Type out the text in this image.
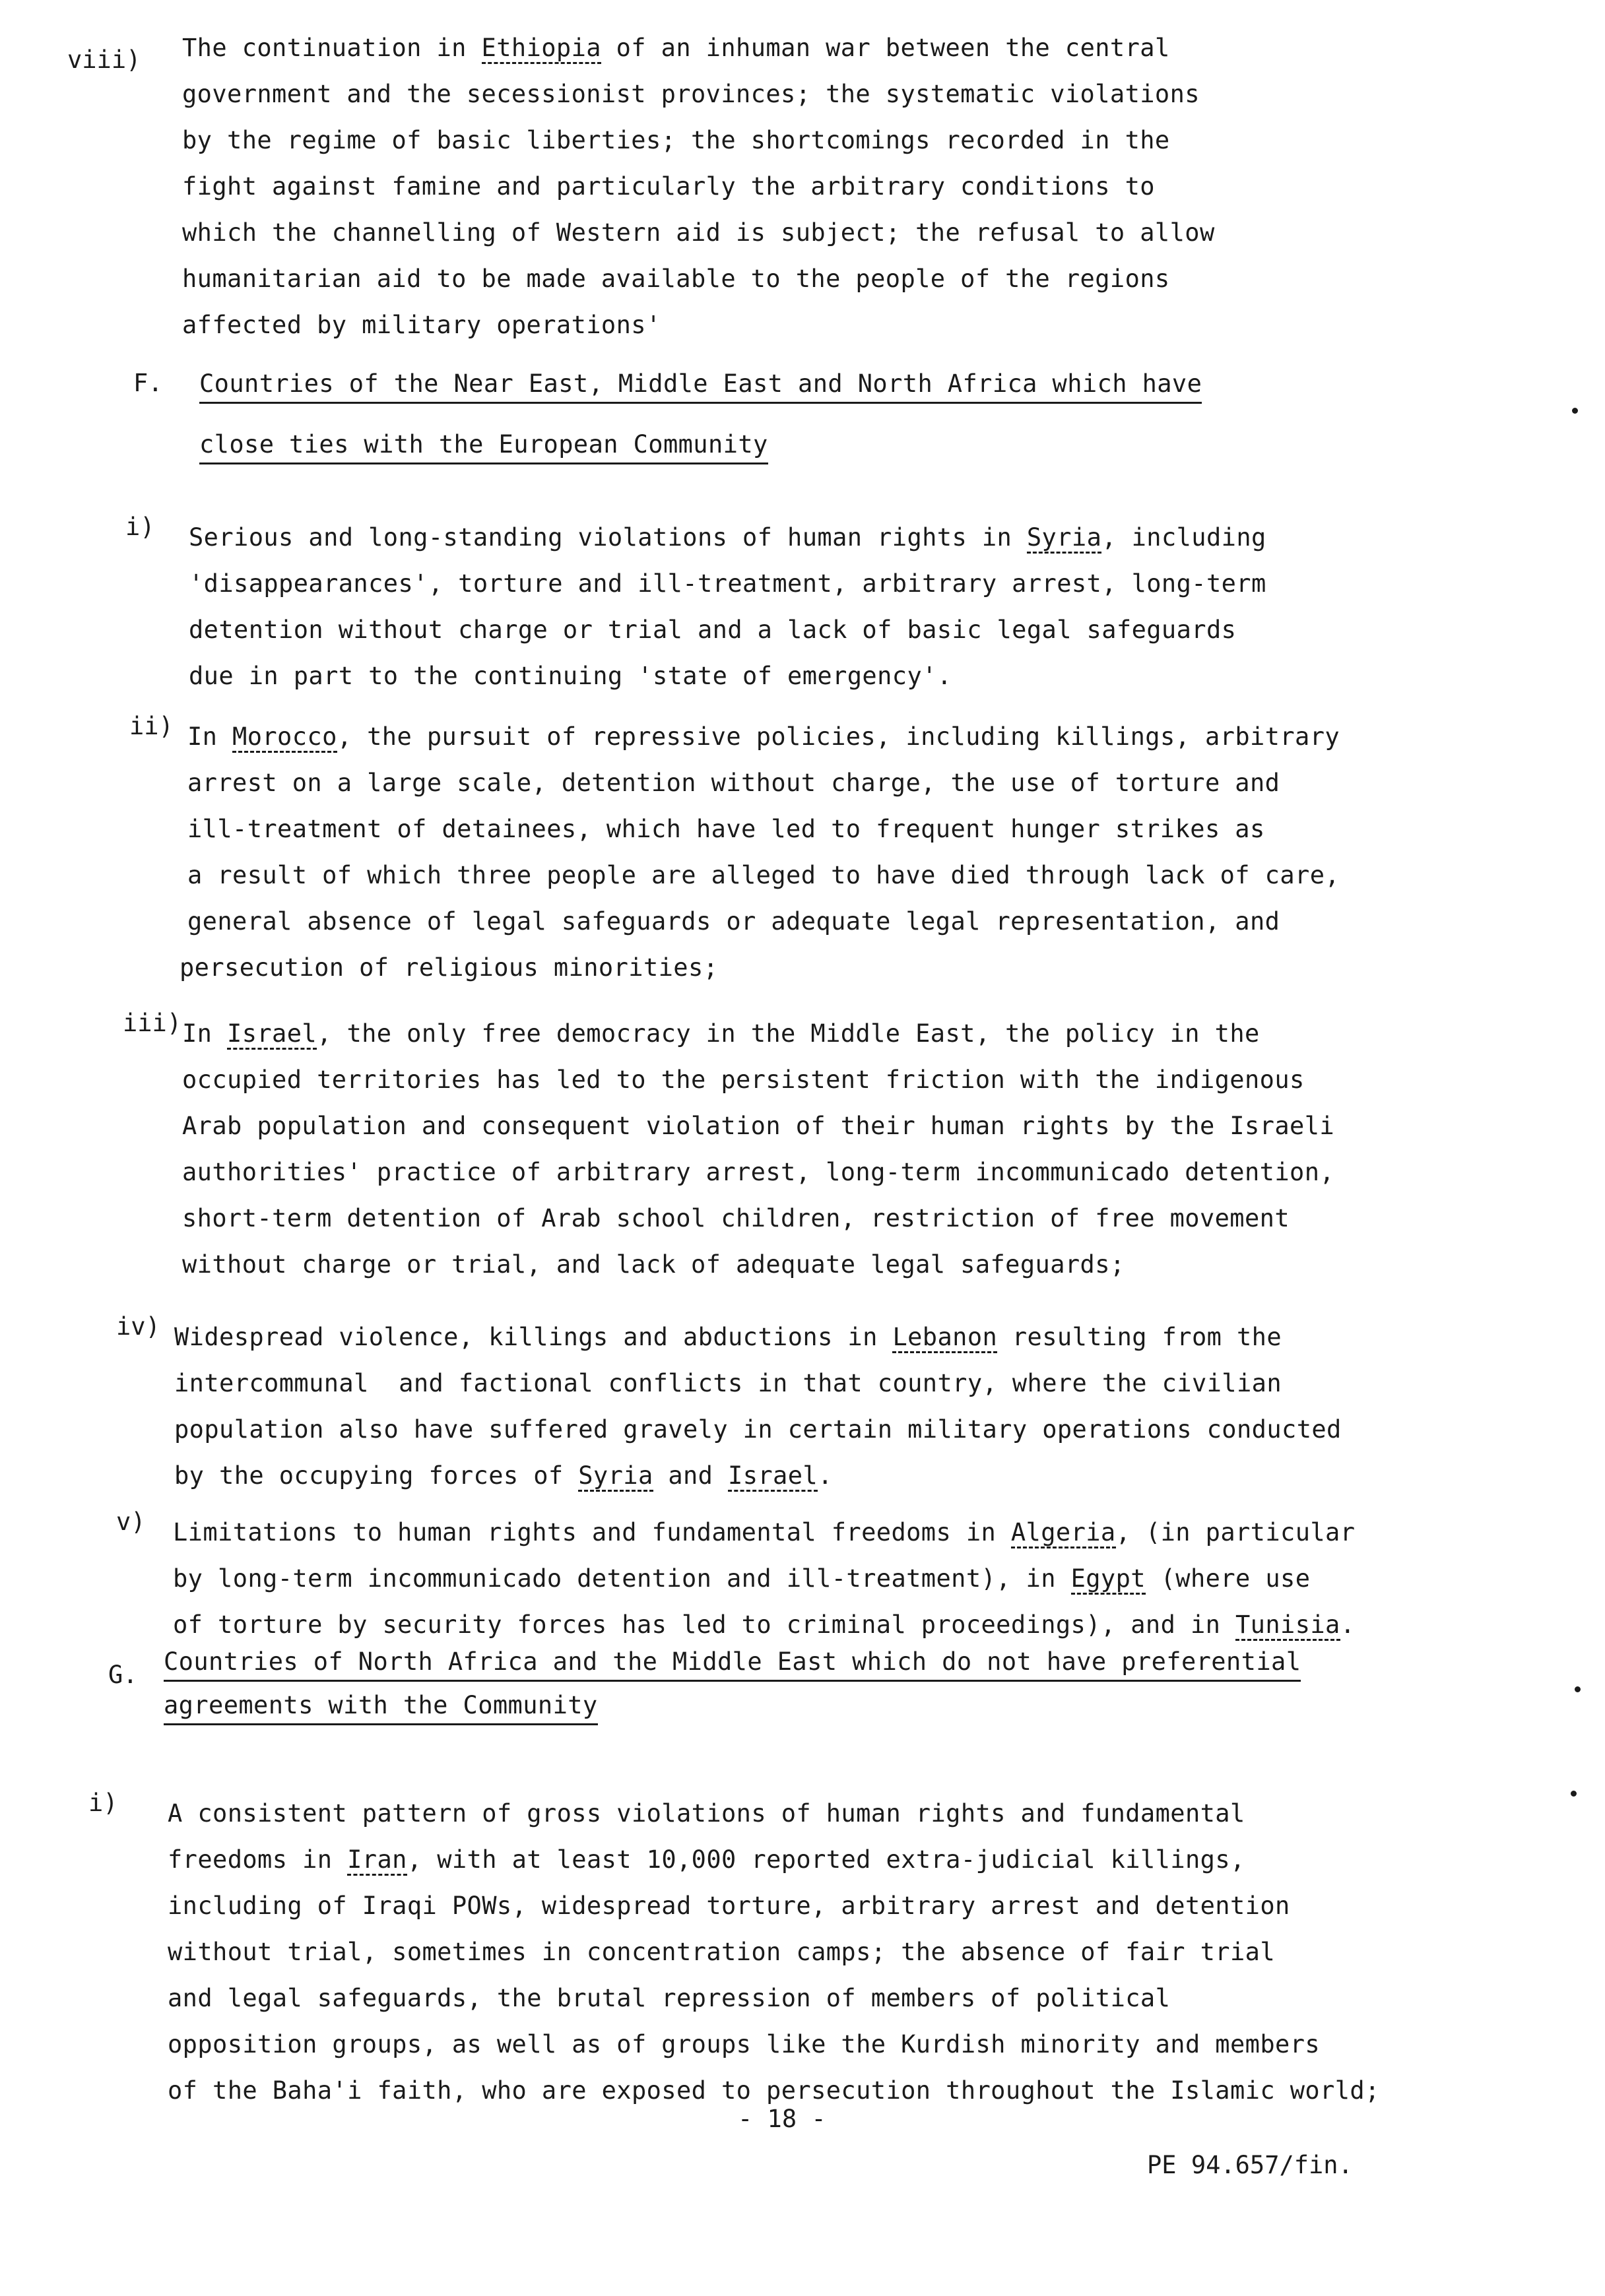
viii) The continuation in Ethiopia of an inhuman war between the central
government and the secessionist provinces; the systematic violations
by the regime of basic liberties; the shortcomings recorded in the
fight against famine and particularly the arbitrary conditions to
which the channelling of Western aid is subject; the refusal to allow
humanitarian aid to be made available to the people of the regions
affected by military operations'
F. Countries of the Near East, Middle East and North Africa which have
close ties with the European Community
i) Serious and long-standing violations of human rights in Syria, including
'disappearances', torture and ill-treatment, arbitrary arrest, long-term
detention without charge or trial and a lack of basic legal safeguards
due in part to the continuing 'state of emergency'.
ii) In Morocco, the pursuit of repressive policies, including killings, arbitrary
arrest on a large scale, detention without charge, the use of torture and
ill-treatment of detainees, which have led to frequent hunger strikes as
a result of which three people are alleged to have died through lack of care,
general absence of legal safeguards or adequate legal representation, and
persecution of religious minorities;
iii) In Israel, the only free democracy in the Middle East, the policy in the
occupied territories has led to the persistent friction with the indigenous
Arab population and consequent violation of their human rights by the Israeli
authorities' practice of arbitrary arrest, long-term incommunicado detention,
short-term detention of Arab school children, restriction of free movement
without charge or trial, and lack of adequate legal safeguards;
iv) Widespread violence, killings and abductions in Lebanon resulting from the
intercommunal  and factional conflicts in that country, where the civilian
population also have suffered gravely in certain military operations conducted
by the occupying forces of Syria and Israel.
v) Limitations to human rights and fundamental freedoms in Algeria, (in particular
by long-term incommunicado detention and ill-treatment), in Egypt (where use
of torture by security forces has led to criminal proceedings), and in Tunisia.
G. Countries of North Africa and the Middle East which do not have preferential
agreements with the Community
i) A consistent pattern of gross violations of human rights and fundamental
freedoms in Iran, with at least 10,000 reported extra-judicial killings,
including of Iraqi POWs, widespread torture, arbitrary arrest and detention
without trial, sometimes in concentration camps; the absence of fair trial
and legal safeguards, the brutal repression of members of political
opposition groups, as well as of groups like the Kurdish minority and members
of the Baha'i faith, who are exposed to persecution throughout the Islamic world;
- 18 -
PE 94.657/fin.
